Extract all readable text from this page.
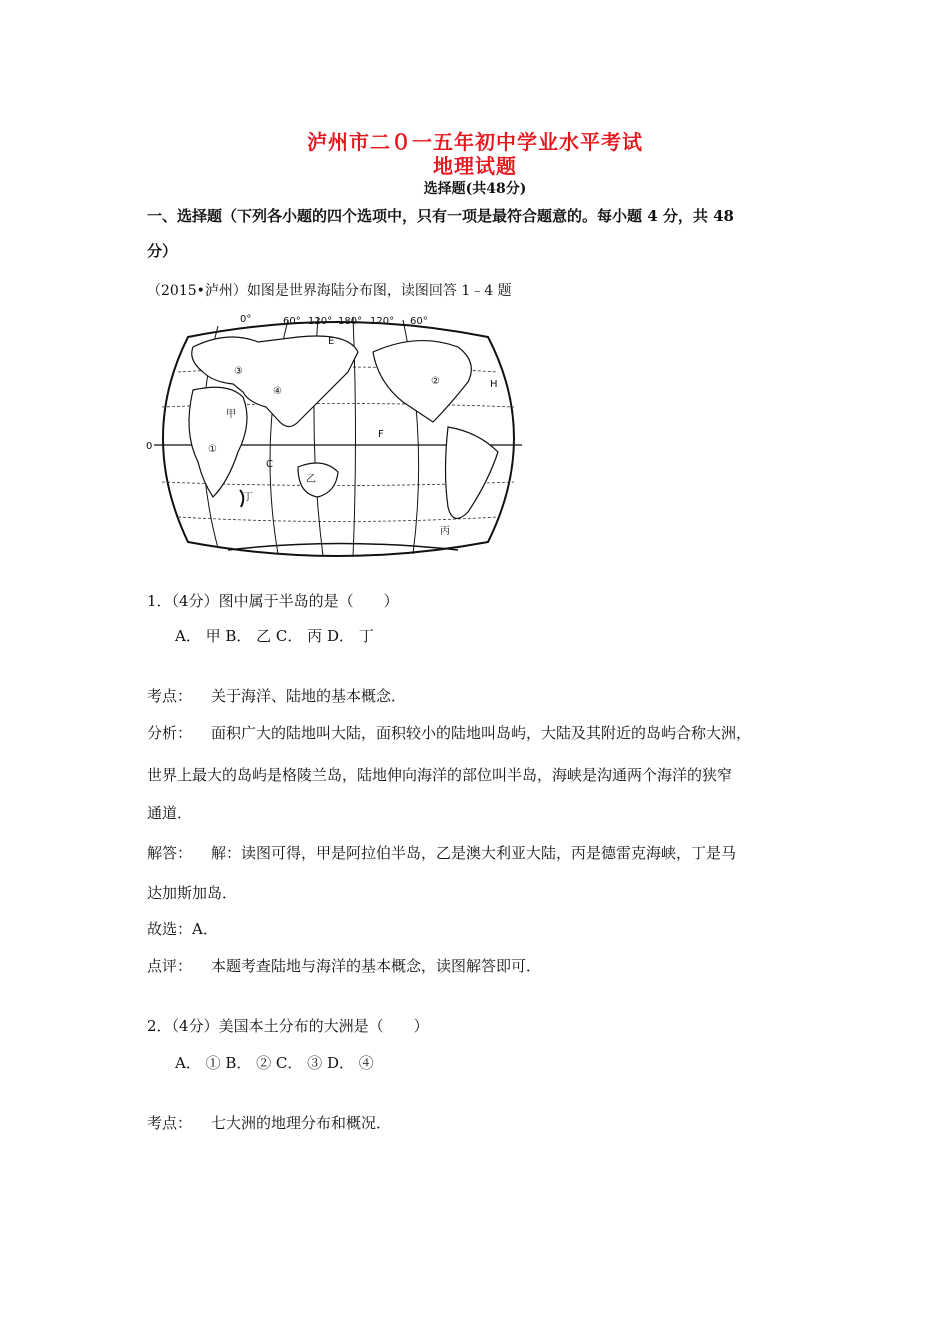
泸州市二０一五年初中学业水平考试
地理试题
选择题(共48分)
一、选择题（下列各小题的四个选项中，只有一项是最符合题意的。每小题 4 分，共 48
分）
（2015•泸州）如图是世界海陆分布图，读图回答 1﹣4 题
0°	60° 120° 180° 120° 60°
0
E
F
C
H
①
②
③
④
甲
乙
丙
丁
1．（4分）图中属于半岛的是（　　）
A． 甲 B． 乙 C． 丙 D． 丁
考点： 关于海洋、陆地的基本概念．
分析： 面积广大的陆地叫大陆，面积较小的陆地叫岛屿，大陆及其附近的岛屿合称大洲，
世界上最大的岛屿是格陵兰岛，陆地伸向海洋的部位叫半岛，海峡是沟通两个海洋的狭窄
通道．
解答： 解：读图可得，甲是阿拉伯半岛，乙是澳大利亚大陆，丙是德雷克海峡，丁是马
达加斯加岛．
故选：A．
点评： 本题考查陆地与海洋的基本概念，读图解答即可．
2．（4分）美国本土分布的大洲是（　　）
A． ① B． ② C． ③ D． ④
考点： 七大洲的地理分布和概况．
